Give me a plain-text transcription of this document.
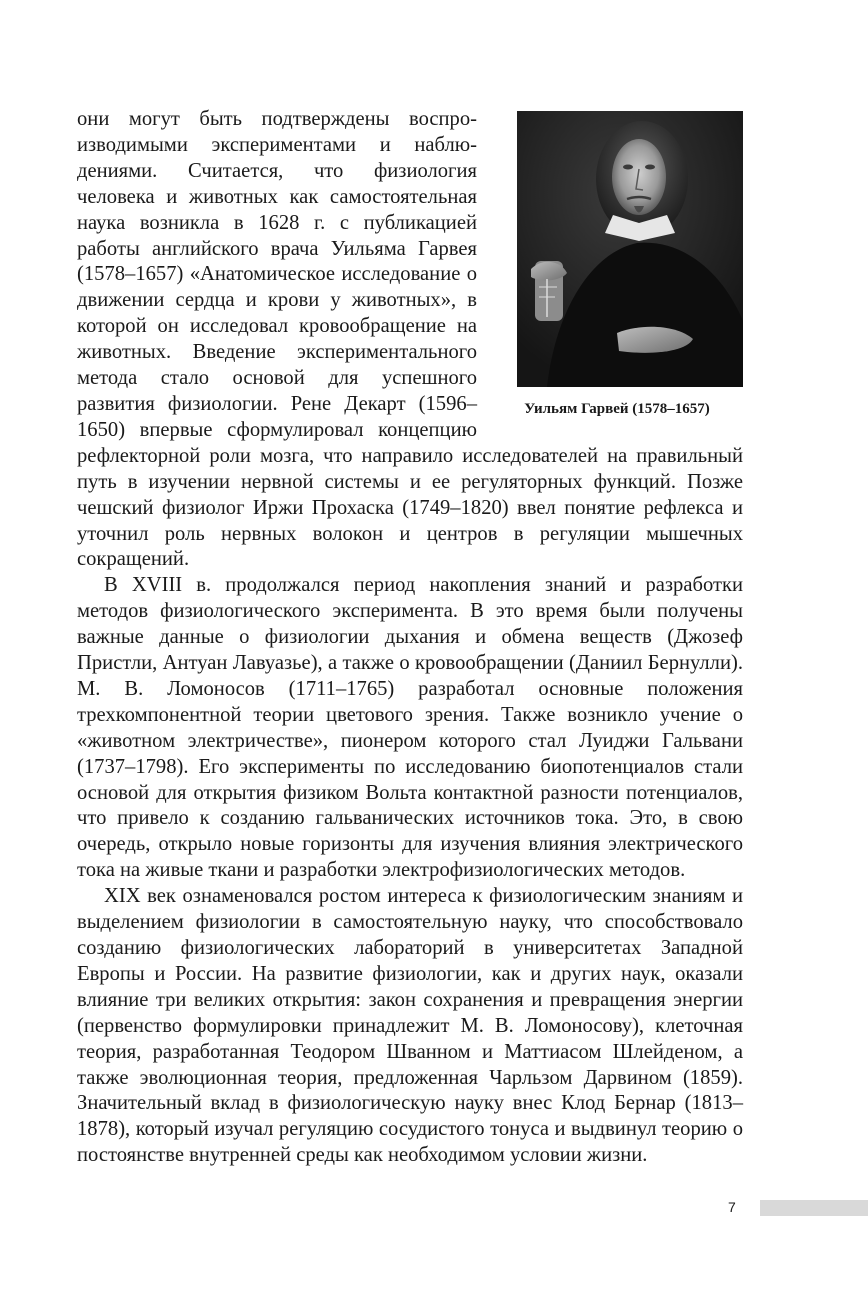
Уильям Гарвей (1578–1657)

они могут быть подтверждены воспроизводимыми экспериментами и наблюдениями. Считается, что физиология человека и животных как самостоятельная наука возникла в 1628 г. с публикацией работы английского врача Уильяма Гарвея (1578–1657) «Анатомическое исследование о движении сердца и крови у животных», в которой он исследовал кровообращение на животных. Введение экспериментального метода стало основой для успешного развития физиологии. Рене Декарт (1596–1650) впервые сформулировал концепцию рефлекторной роли мозга, что направило исследователей на правильный путь в изучении нервной системы и ее регуляторных функций. Позже чешский физиолог Иржи Прохаска (1749–1820) ввел понятие рефлекса и уточнил роль нервных волокон и центров в регуляции мышечных сокращений.

В XVIII в. продолжался период накопления знаний и разработки методов физиологического эксперимента. В это время были получены важные данные о физиологии дыхания и обмена веществ (Джозеф Пристли, Антуан Лавуазье), а также о кровообращении (Даниил Бернулли). М. В. Ломоносов (1711–1765) разработал основные положения трехкомпонентной теории цветового зрения. Также возникло учение о «животном электричестве», пионером которого стал Луиджи Гальвани (1737–1798). Его эксперименты по исследованию биопотенциалов стали основой для открытия физиком Вольта контактной разности потенциалов, что привело к созданию гальванических источников тока. Это, в свою очередь, открыло новые горизонты для изучения влияния электрического тока на живые ткани и разработки электрофизиологических методов.

XIX век ознаменовался ростом интереса к физиологическим знаниям и выделением физиологии в самостоятельную науку, что способствовало созданию физиологических лабораторий в университетах Западной Европы и России. На развитие физиологии, как и других наук, оказали влияние три великих открытия: закон сохранения и превращения энергии (первенство формулировки принадлежит М. В. Ломоносову), клеточная теория, разработанная Теодором Шванном и Маттиасом Шлейденом, а также эволюционная теория, предложенная Чарльзом Дарвином (1859). Значительный вклад в физиологическую науку внес Клод Бернар (1813–1878), который изучал регуляцию сосудистого тонуса и выдвинул теорию о постоянстве внутренней среды как необходимом условии жизни.

7
